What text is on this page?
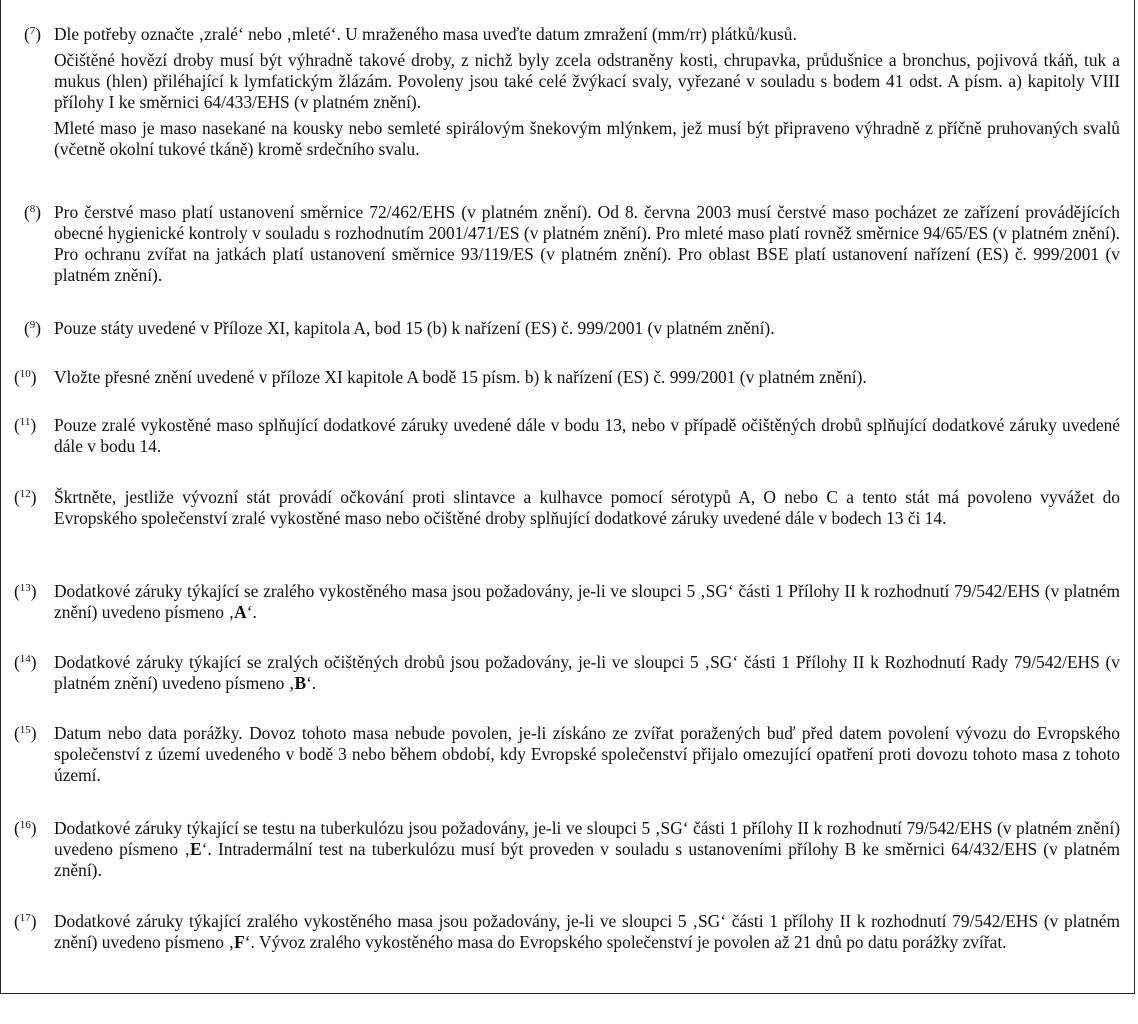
($^7$) Dle potřeby označte ‚zralé‘ nebo ‚mleté‘. U mraženého masa uveďte datum zmražení (mm/rr) plátků/kusů.
Očištěné hovězí droby musí být výhradně takové droby, z nichž byly zcela odstraněny kosti, chrupavka, průdušnice a bronchus, pojivová tkáň, tuk a mukus (hlen) přiléhající k lymfatickým žlázám. Povoleny jsou také celé žvýkací svaly, vyřezané v souladu s bodem 41 odst. A písm. a) kapitoly VIII přílohy I ke směrnici 64/433/EHS (v platném znění).
Mleté maso je maso nasekané na kousky nebo semleté spirálovým šnekovým mlýnkem, jež musí být připraveno výhradně z příčně pruhovaných svalů (včetně okolní tukové tkáně) kromě srdečního svalu.
($^8$) Pro čerstvé maso platí ustanovení směrnice 72/462/EHS (v platném znění). Od 8. června 2003 musí čerstvé maso pocházet ze zařízení provádějících obecné hygienické kontroly v souladu s rozhodnutím 2001/471/ES (v platném znění). Pro mleté maso platí rovněž směrnice 94/65/ES (v platném znění). Pro ochranu zvířat na jatkách platí ustanovení směrnice 93/119/ES (v platném znění). Pro oblast BSE platí ustanovení nařízení (ES) č. 999/2001 (v platném znění).
($^9$) Pouze státy uvedené v Příloze XI, kapitola A, bod 15 (b) k nařízení (ES) č. 999/2001 (v platném znění).
($^{10}$) Vložte přesné znění uvedené v příloze XI kapitole A bodě 15 písm. b) k nařízení (ES) č. 999/2001 (v platném znění).
($^{11}$) Pouze zralé vykostěné maso splňující dodatkové záruky uvedené dále v bodu 13, nebo v případě očištěných drobů splňující dodatkové záruky uvedené dále v bodu 14.
($^{12}$) Škrtněte, jestliže vývozní stát provádí očkování proti slintavce a kulhavce pomocí sérotypů A, O nebo C a tento stát má povoleno vyvážet do Evropského společenství zralé vykostěné maso nebo očištěné droby splňující dodatkové záruky uvedené dále v bodech 13 či 14.
($^{13}$) Dodatkové záruky týkající se zralého vykostěného masa jsou požadovány, je-li ve sloupci 5 ‚SG‘ části 1 Přílohy II k rozhodnutí 79/542/EHS (v platném znění) uvedeno písmeno ‚A‘.
($^{14}$) Dodatkové záruky týkající se zralých očištěných drobů jsou požadovány, je-li ve sloupci 5 ‚SG‘ části 1 Přílohy II k Rozhodnutí Rady 79/542/EHS (v platném znění) uvedeno písmeno ‚B‘.
($^{15}$) Datum nebo data porážky. Dovoz tohoto masa nebude povolen, je-li získáno ze zvířat poražených buď před datem povolení vývozu do Evropského společenství z území uvedeného v bodě 3 nebo během období, kdy Evropské společenství přijalo omezující opatření proti dovozu tohoto masa z tohoto území.
($^{16}$) Dodatkové záruky týkající se testu na tuberkulózu jsou požadovány, je-li ve sloupci 5 ‚SG‘ části 1 přílohy II k rozhodnutí 79/542/EHS (v platném znění) uvedeno písmeno ‚E‘. Intradermální test na tuberkulózu musí být proveden v souladu s ustanoveními přílohy B ke směrnici 64/432/EHS (v platném znění).
($^{17}$) Dodatkové záruky týkající zralého vykostěného masa jsou požadovány, je-li ve sloupci 5 ‚SG‘ části 1 přílohy II k rozhodnutí 79/542/EHS (v platném znění) uvedeno písmeno ‚F‘. Vývoz zralého vykostěného masa do Evropského společenství je povolen až 21 dnů po datu porážky zvířat.
